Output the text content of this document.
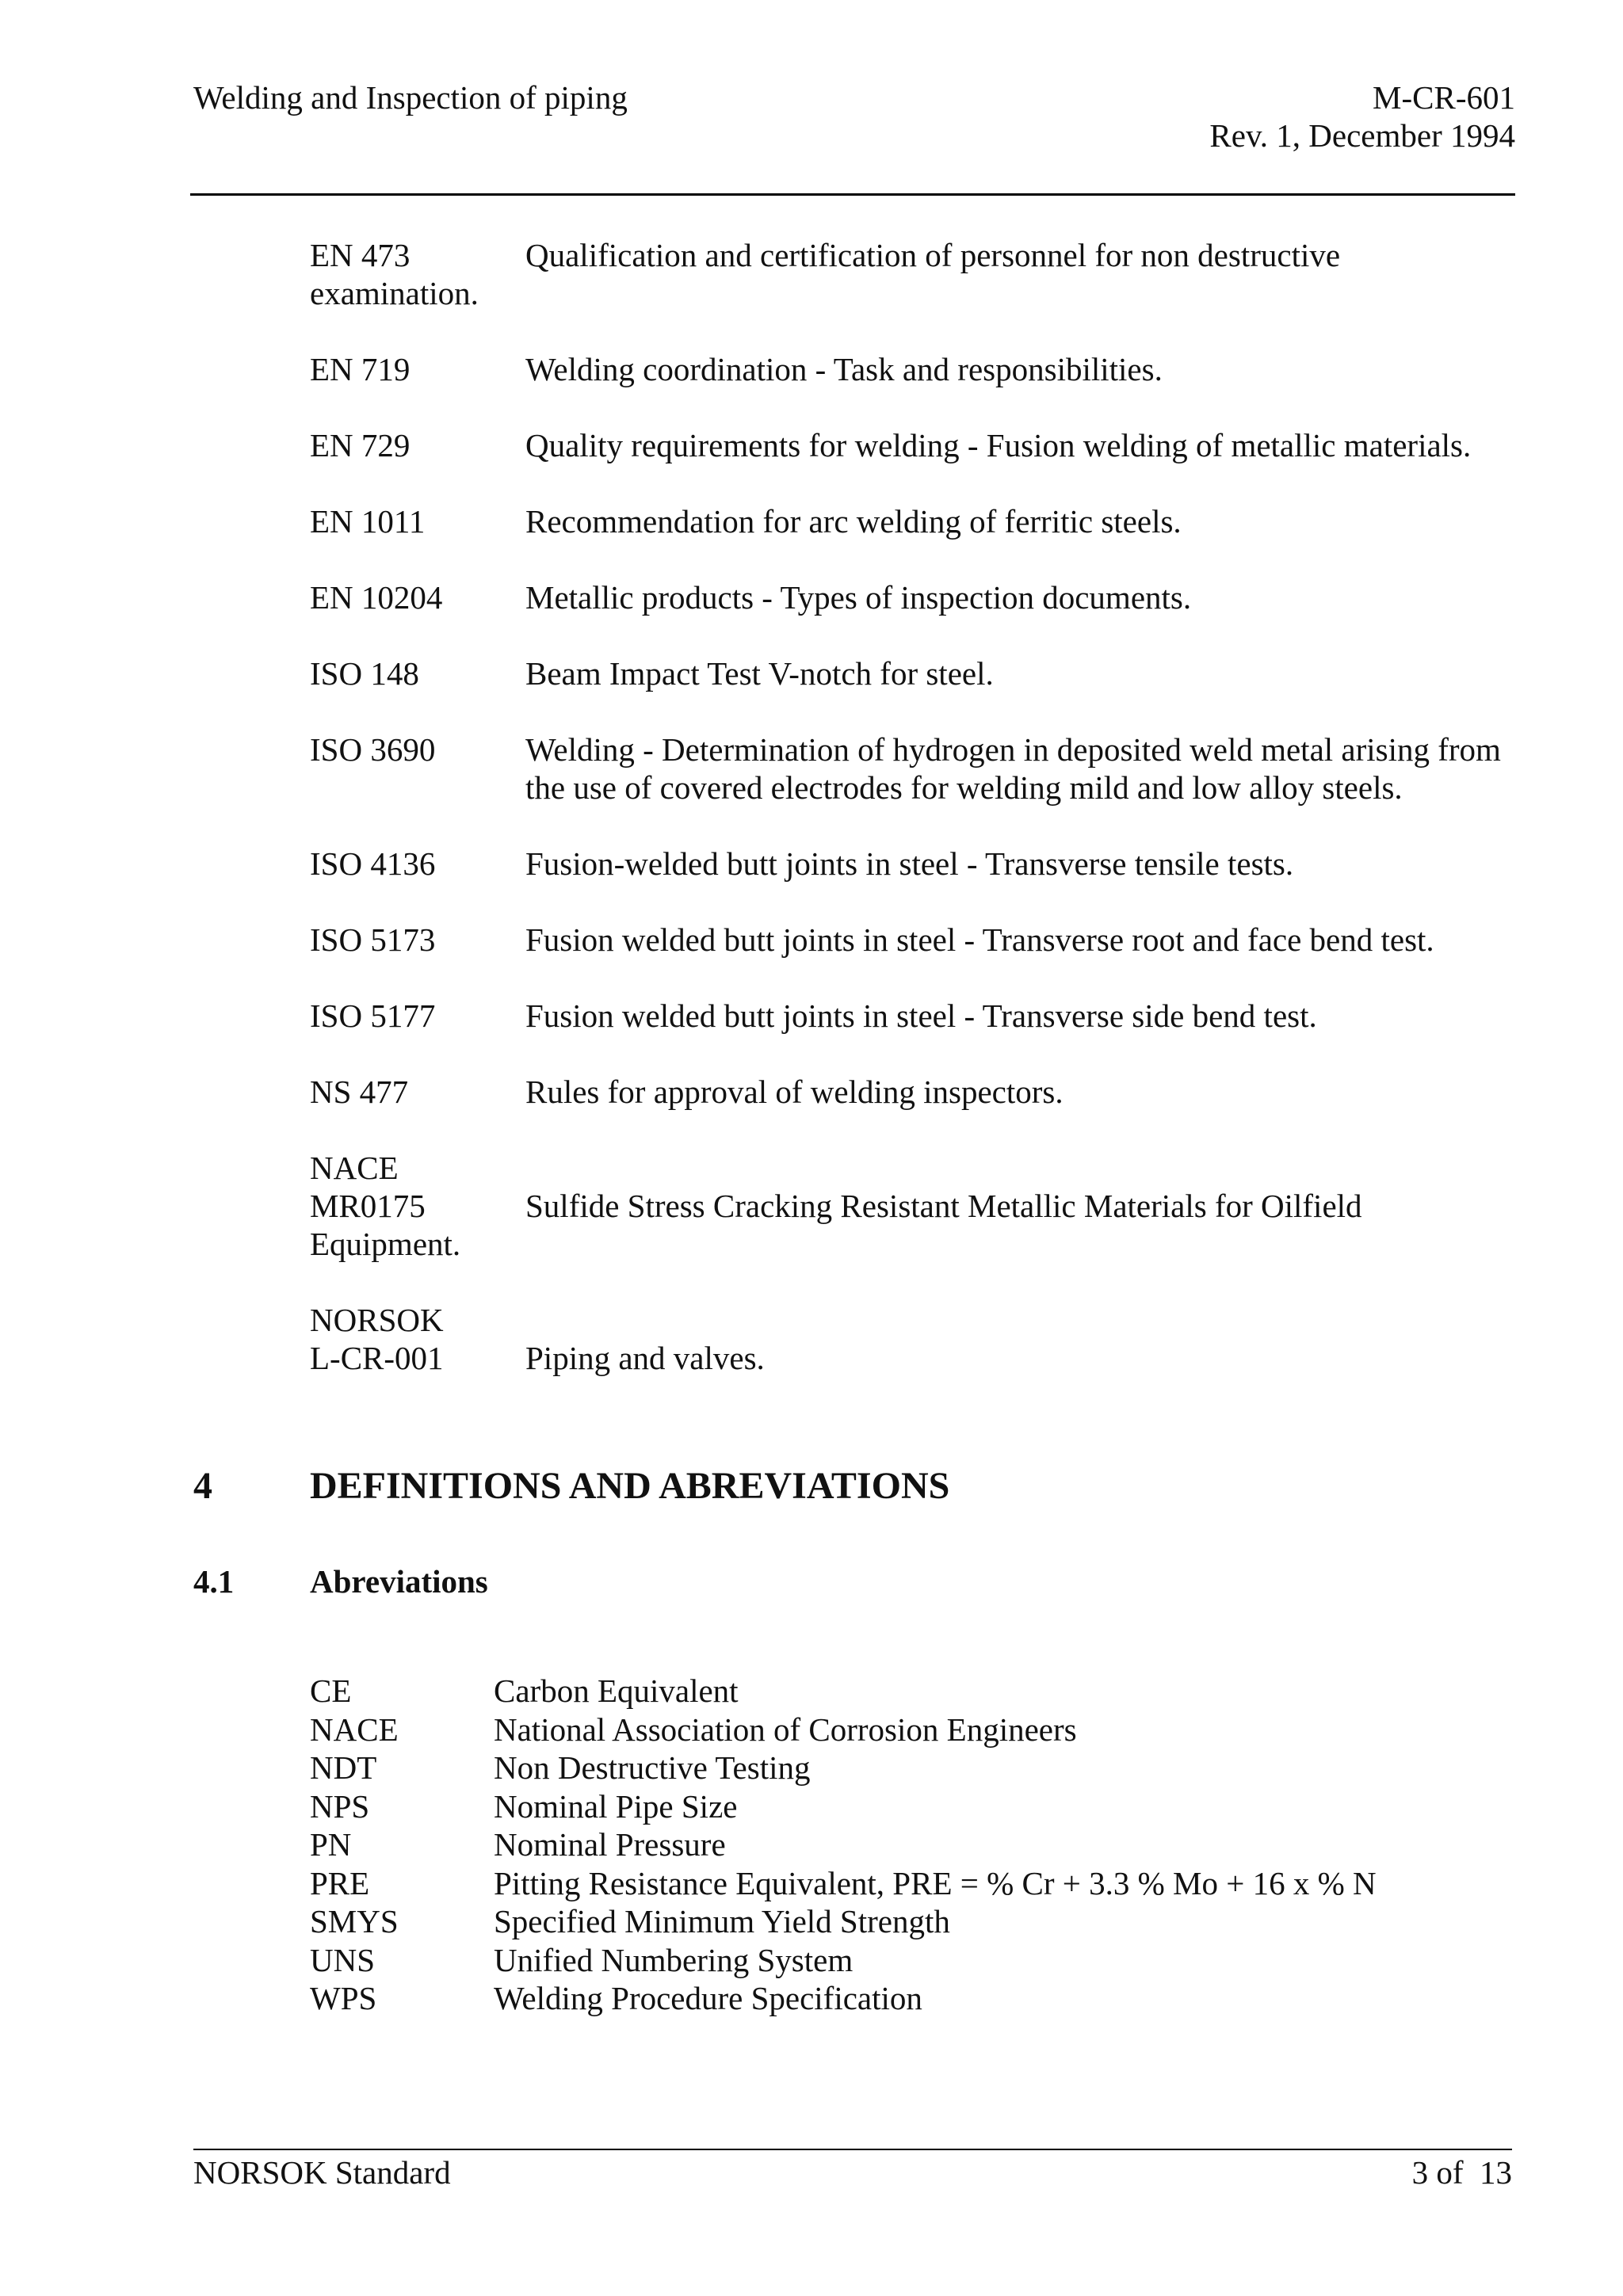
Welding and Inspection of piping	M-CR-601
Rev. 1, December 1994
EN 473	Qualification and certification of personnel for non destructive
examination.
EN 719	Welding coordination - Task and responsibilities.
EN 729	Quality requirements for welding - Fusion welding of metallic materials.
EN 1011	Recommendation for arc welding of ferritic steels.
EN 10204	Metallic products - Types of inspection documents.
ISO 148	Beam Impact Test V-notch for steel.
ISO 3690	Welding - Determination of hydrogen in deposited weld metal arising from the use of covered electrodes for welding mild and low alloy steels.
ISO 4136	Fusion-welded butt joints in steel - Transverse tensile tests.
ISO 5173	Fusion welded butt joints in steel - Transverse root and face bend test.
ISO 5177	Fusion welded butt joints in steel - Transverse side bend test.
NS 477	Rules for approval of welding inspectors.
NACE
MR0175	Sulfide Stress Cracking Resistant Metallic Materials for Oilfield
Equipment.
NORSOK
L-CR-001	Piping and valves.
4	DEFINITIONS AND ABREVIATIONS
4.1 Abreviations
CE	Carbon Equivalent
NACE	National Association of Corrosion Engineers
NDT	Non Destructive Testing
NPS	Nominal Pipe Size
PN	Nominal Pressure
PRE	Pitting Resistance Equivalent, PRE = % Cr + 3.3 % Mo + 16 x % N
SMYS	Specified Minimum Yield Strength
UNS	Unified Numbering System
WPS	Welding Procedure Specification
NORSOK Standard	3 of  13
